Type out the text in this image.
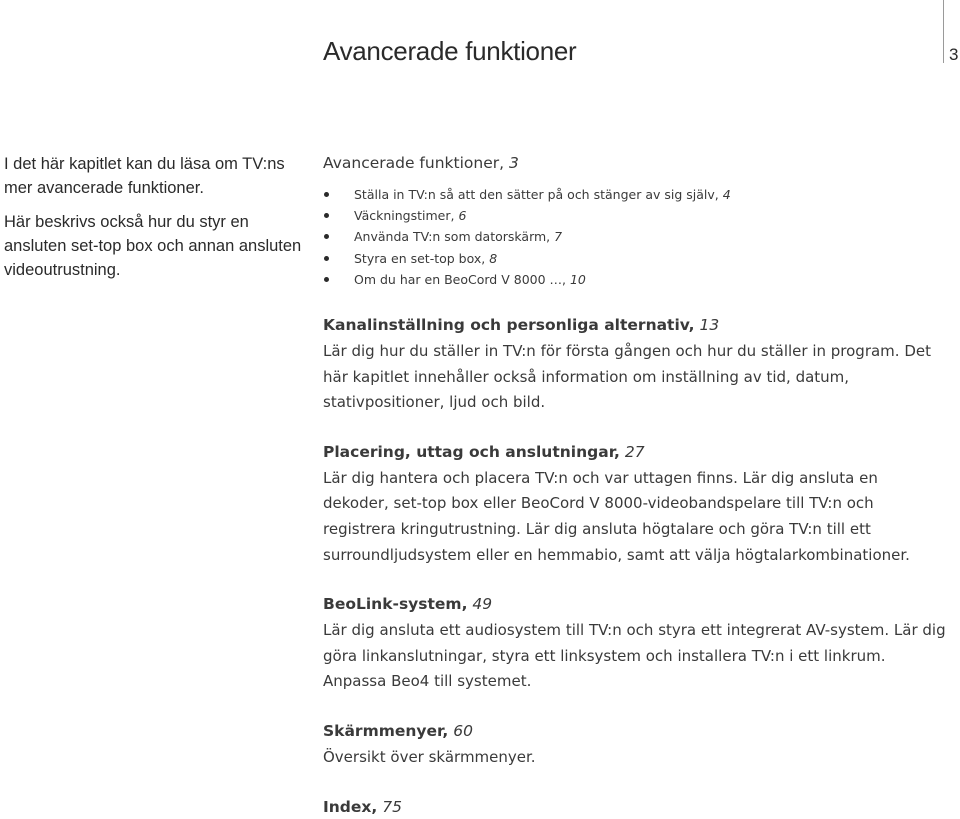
Avancerade funktioner	3

I det här kapitlet kan du läsa om TV:ns mer avancerade funktioner.

Här beskrivs också hur du styr en ansluten set-top box och annan ansluten videoutrustning.

Avancerade funktioner, 3
Ställa in TV:n så att den sätter på och stänger av sig själv, 4
Väckningstimer, 6
Använda TV:n som datorskärm, 7
Styra en set-top box, 8
Om du har en BeoCord V 8000 …, 10
Kanalinställning och personliga alternativ, 13

Lär dig hur du ställer in TV:n för första gången och hur du ställer in program. Det här kapitlet innehåller också information om inställning av tid, datum, stativpositioner, ljud och bild.

Placering, uttag och anslutningar, 27

Lär dig hantera och placera TV:n och var uttagen finns. Lär dig ansluta en dekoder, set-top box eller BeoCord V 8000-videobandspelare till TV:n och registrera kringutrustning. Lär dig ansluta högtalare och göra TV:n till ett surroundljudsystem eller en hemmabio, samt att välja högtalarkombinationer.

BeoLink-system, 49

Lär dig ansluta ett audiosystem till TV:n och styra ett integrerat AV-system. Lär dig göra linkanslutningar, styra ett linksystem och installera TV:n i ett linkrum. Anpassa Beo4 till systemet.

Skärmmenyer, 60

Översikt över skärmmenyer.

Index, 75
